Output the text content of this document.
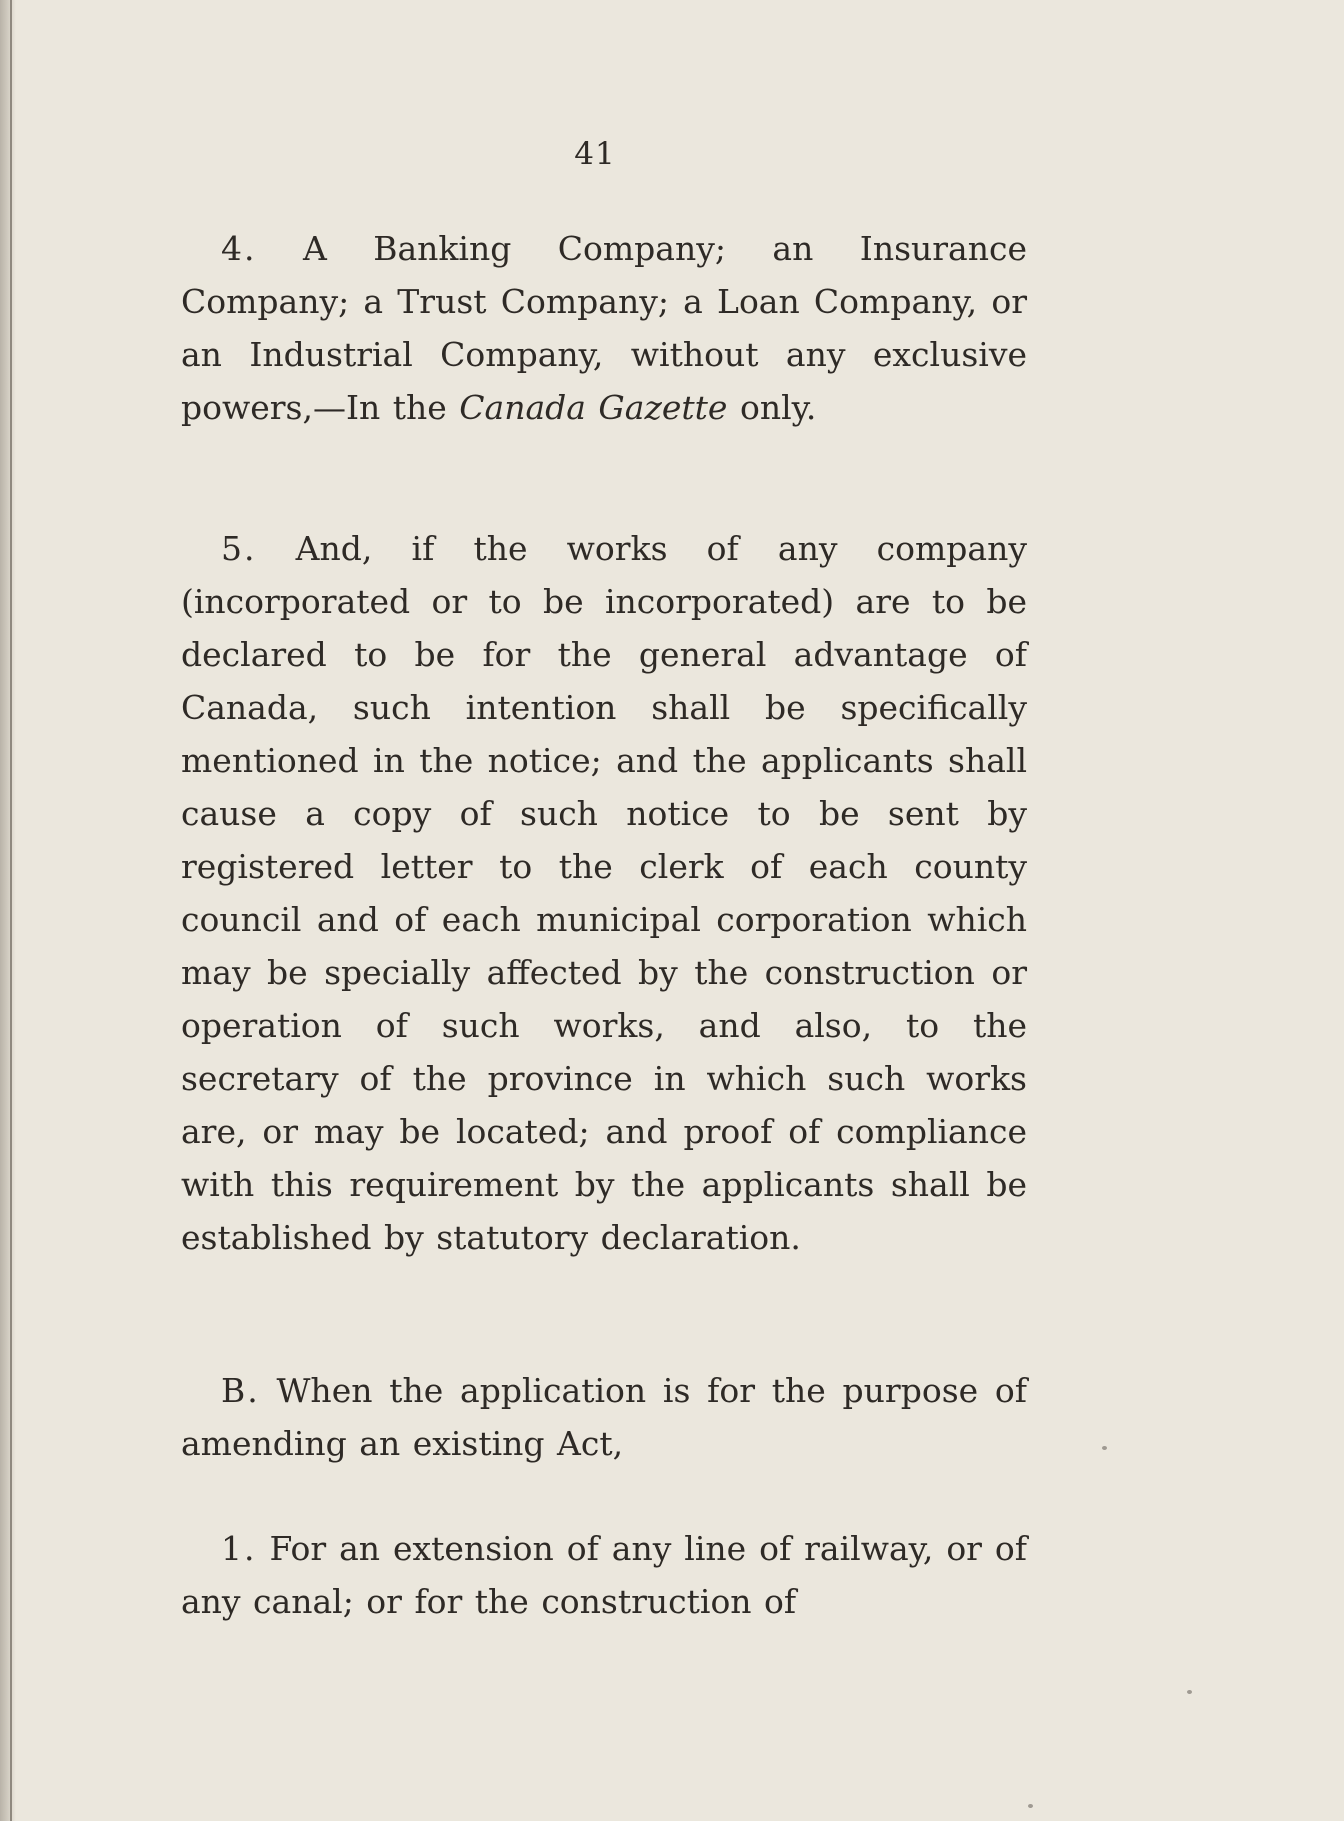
41

4. A Banking Company; an Insurance Company; a Trust Company; a Loan Company, or an Industrial Company, without any exclusive powers,—In the Canada Gazette only.

5. And, if the works of any company (incorporated or to be incorporated) are to be declared to be for the general advantage of Canada, such intention shall be specifically mentioned in the notice; and the applicants shall cause a copy of such notice to be sent by registered letter to the clerk of each county council and of each municipal corporation which may be specially affected by the construction or operation of such works, and also, to the secretary of the province in which such works are, or may be located; and proof of compliance with this requirement by the applicants shall be established by statutory declaration.

B. When the application is for the purpose of amending an existing Act,

1. For an extension of any line of railway, or of any canal; or for the construction of
